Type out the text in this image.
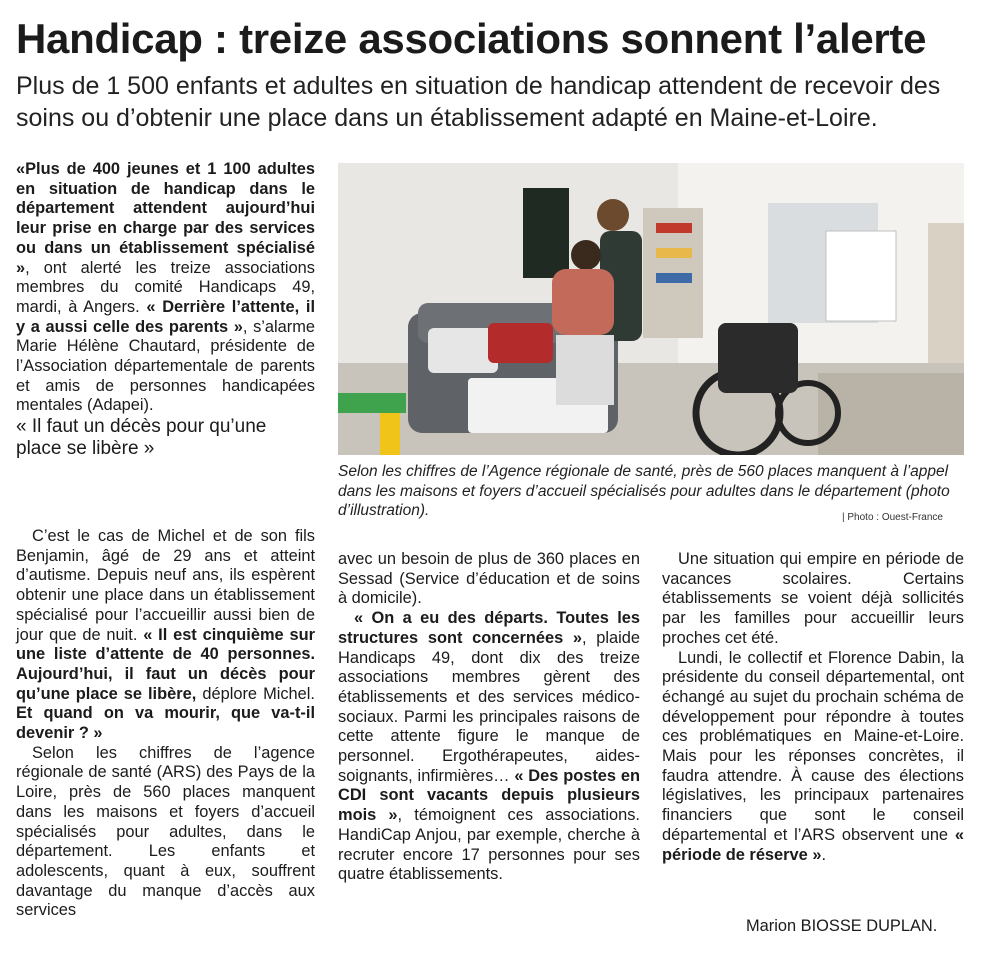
Handicap : treize associations sonnent l’alerte
Plus de 1 500 enfants et adultes en situation de handicap attendent de recevoir des soins ou d’obtenir une place dans un établissement adapté en Maine-et-Loire.

«Plus de 400 jeunes et 1 100 adultes en situation de handicap dans le département attendent aujourd’hui leur prise en charge par des services ou dans un établissement spécialisé », ont alerté les treize associations membres du comité Handicaps 49, mardi, à Angers. « Derrière l’attente, il y a aussi celle des parents », s’alarme Marie Hélène Chautard, présidente de l’Association départementale de parents et amis de personnes handicapées mentales (Adapei).

« Il faut un décès pour qu’une place se libère »

C’est le cas de Michel et de son fils Benjamin, âgé de 29 ans et atteint d’autisme. Depuis neuf ans, ils espèrent obtenir une place dans un établissement spécialisé pour l’accueillir aussi bien de jour que de nuit. « Il est cinquième sur une liste d’attente de 40 personnes. Aujourd’hui, il faut un décès pour qu’une place se libère, déplore Michel. Et quand on va mourir, que va-t-il devenir ? »

Selon les chiffres de l’agence régionale de santé (ARS) des Pays de la Loire, près de 560 places manquent dans les maisons et foyers d’accueil spécialisés pour adultes, dans le département. Les enfants et adolescents, quant à eux, souffrent davantage du manque d’accès aux services

Selon les chiffres de l’Agence régionale de santé, près de 560 places manquent à l’appel dans les maisons et foyers d’accueil spécialisés pour adultes dans le département (photo d’illustration).	| Photo : Ouest-France

avec un besoin de plus de 360 places en Sessad (Service d’éducation et de soins à domicile).

« On a eu des départs. Toutes les structures sont concernées », plaide Handicaps 49, dont dix des treize associations membres gèrent des établissements et des services médico-sociaux. Parmi les principales raisons de cette attente figure le manque de personnel. Ergothérapeutes, aides-soignants, infirmières… « Des postes en CDI sont vacants depuis plusieurs mois », témoignent ces associations. HandiCap Anjou, par exemple, cherche à recruter encore 17 personnes pour ses quatre établissements.

Une situation qui empire en période de vacances scolaires. Certains établissements se voient déjà sollicités par les familles pour accueillir leurs proches cet été.

Lundi, le collectif et Florence Dabin, la présidente du conseil départemental, ont échangé au sujet du prochain schéma de développement pour répondre à toutes ces problématiques en Maine-et-Loire. Mais pour les réponses concrètes, il faudra attendre. À cause des élections législatives, les principaux partenaires financiers que sont le conseil départemental et l’ARS observent une « période de réserve ».

Marion BIOSSE DUPLAN.
